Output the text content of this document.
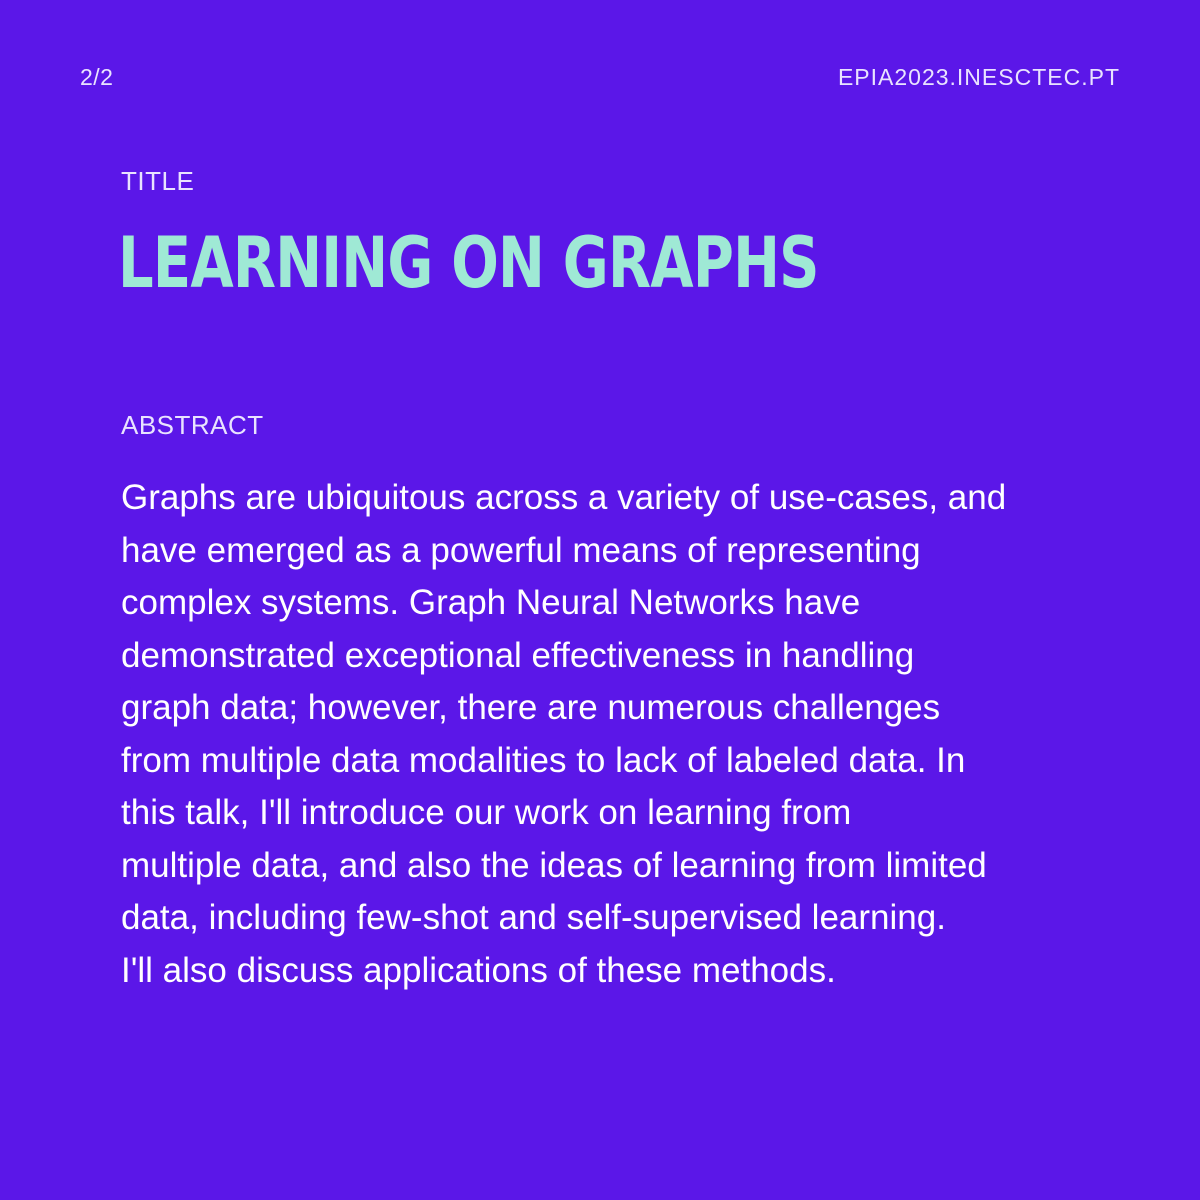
2/2	EPIA2023.INESCTEC.PT
TITLE
LEARNING ON GRAPHS
ABSTRACT

Graphs are ubiquitous across a variety of use-cases, and
have emerged as a powerful means of representing
complex systems. Graph Neural Networks have
demonstrated exceptional effectiveness in handling
graph data; however, there are numerous challenges
from multiple data modalities to lack of labeled data. In
this talk, I'll introduce our work on learning from
multiple data, and also the ideas of learning from limited
data, including few-shot and self-supervised learning.
I'll also discuss applications of these methods.
